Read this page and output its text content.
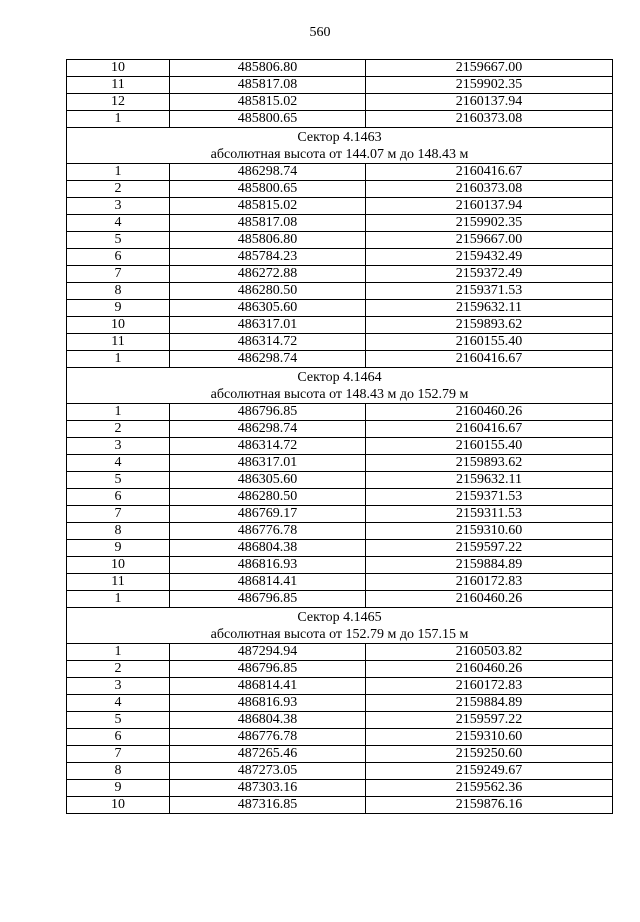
560
10	485806.80	2159667.00
11	485817.08	2159902.35
12	485815.02	2160137.94
1	485800.65	2160373.08

Сектор 4.1463
абсолютная высота от 144.07 м до 148.43 м		

1	486298.74	2160416.67
2	485800.65	2160373.08
3	485815.02	2160137.94
4	485817.08	2159902.35
5	485806.80	2159667.00
6	485784.23	2159432.49
7	486272.88	2159372.49
8	486280.50	2159371.53
9	486305.60	2159632.11
10	486317.01	2159893.62
11	486314.72	2160155.40
1	486298.74	2160416.67

Сектор 4.1464
абсолютная высота от 148.43 м до 152.79 м		

1	486796.85	2160460.26
2	486298.74	2160416.67
3	486314.72	2160155.40
4	486317.01	2159893.62
5	486305.60	2159632.11
6	486280.50	2159371.53
7	486769.17	2159311.53
8	486776.78	2159310.60
9	486804.38	2159597.22
10	486816.93	2159884.89
11	486814.41	2160172.83
1	486796.85	2160460.26

Сектор 4.1465
абсолютная высота от 152.79 м до 157.15 м		

1	487294.94	2160503.82
2	486796.85	2160460.26
3	486814.41	2160172.83
4	486816.93	2159884.89
5	486804.38	2159597.22
6	486776.78	2159310.60
7	487265.46	2159250.60
8	487273.05	2159249.67
9	487303.16	2159562.36
10	487316.85	2159876.16
